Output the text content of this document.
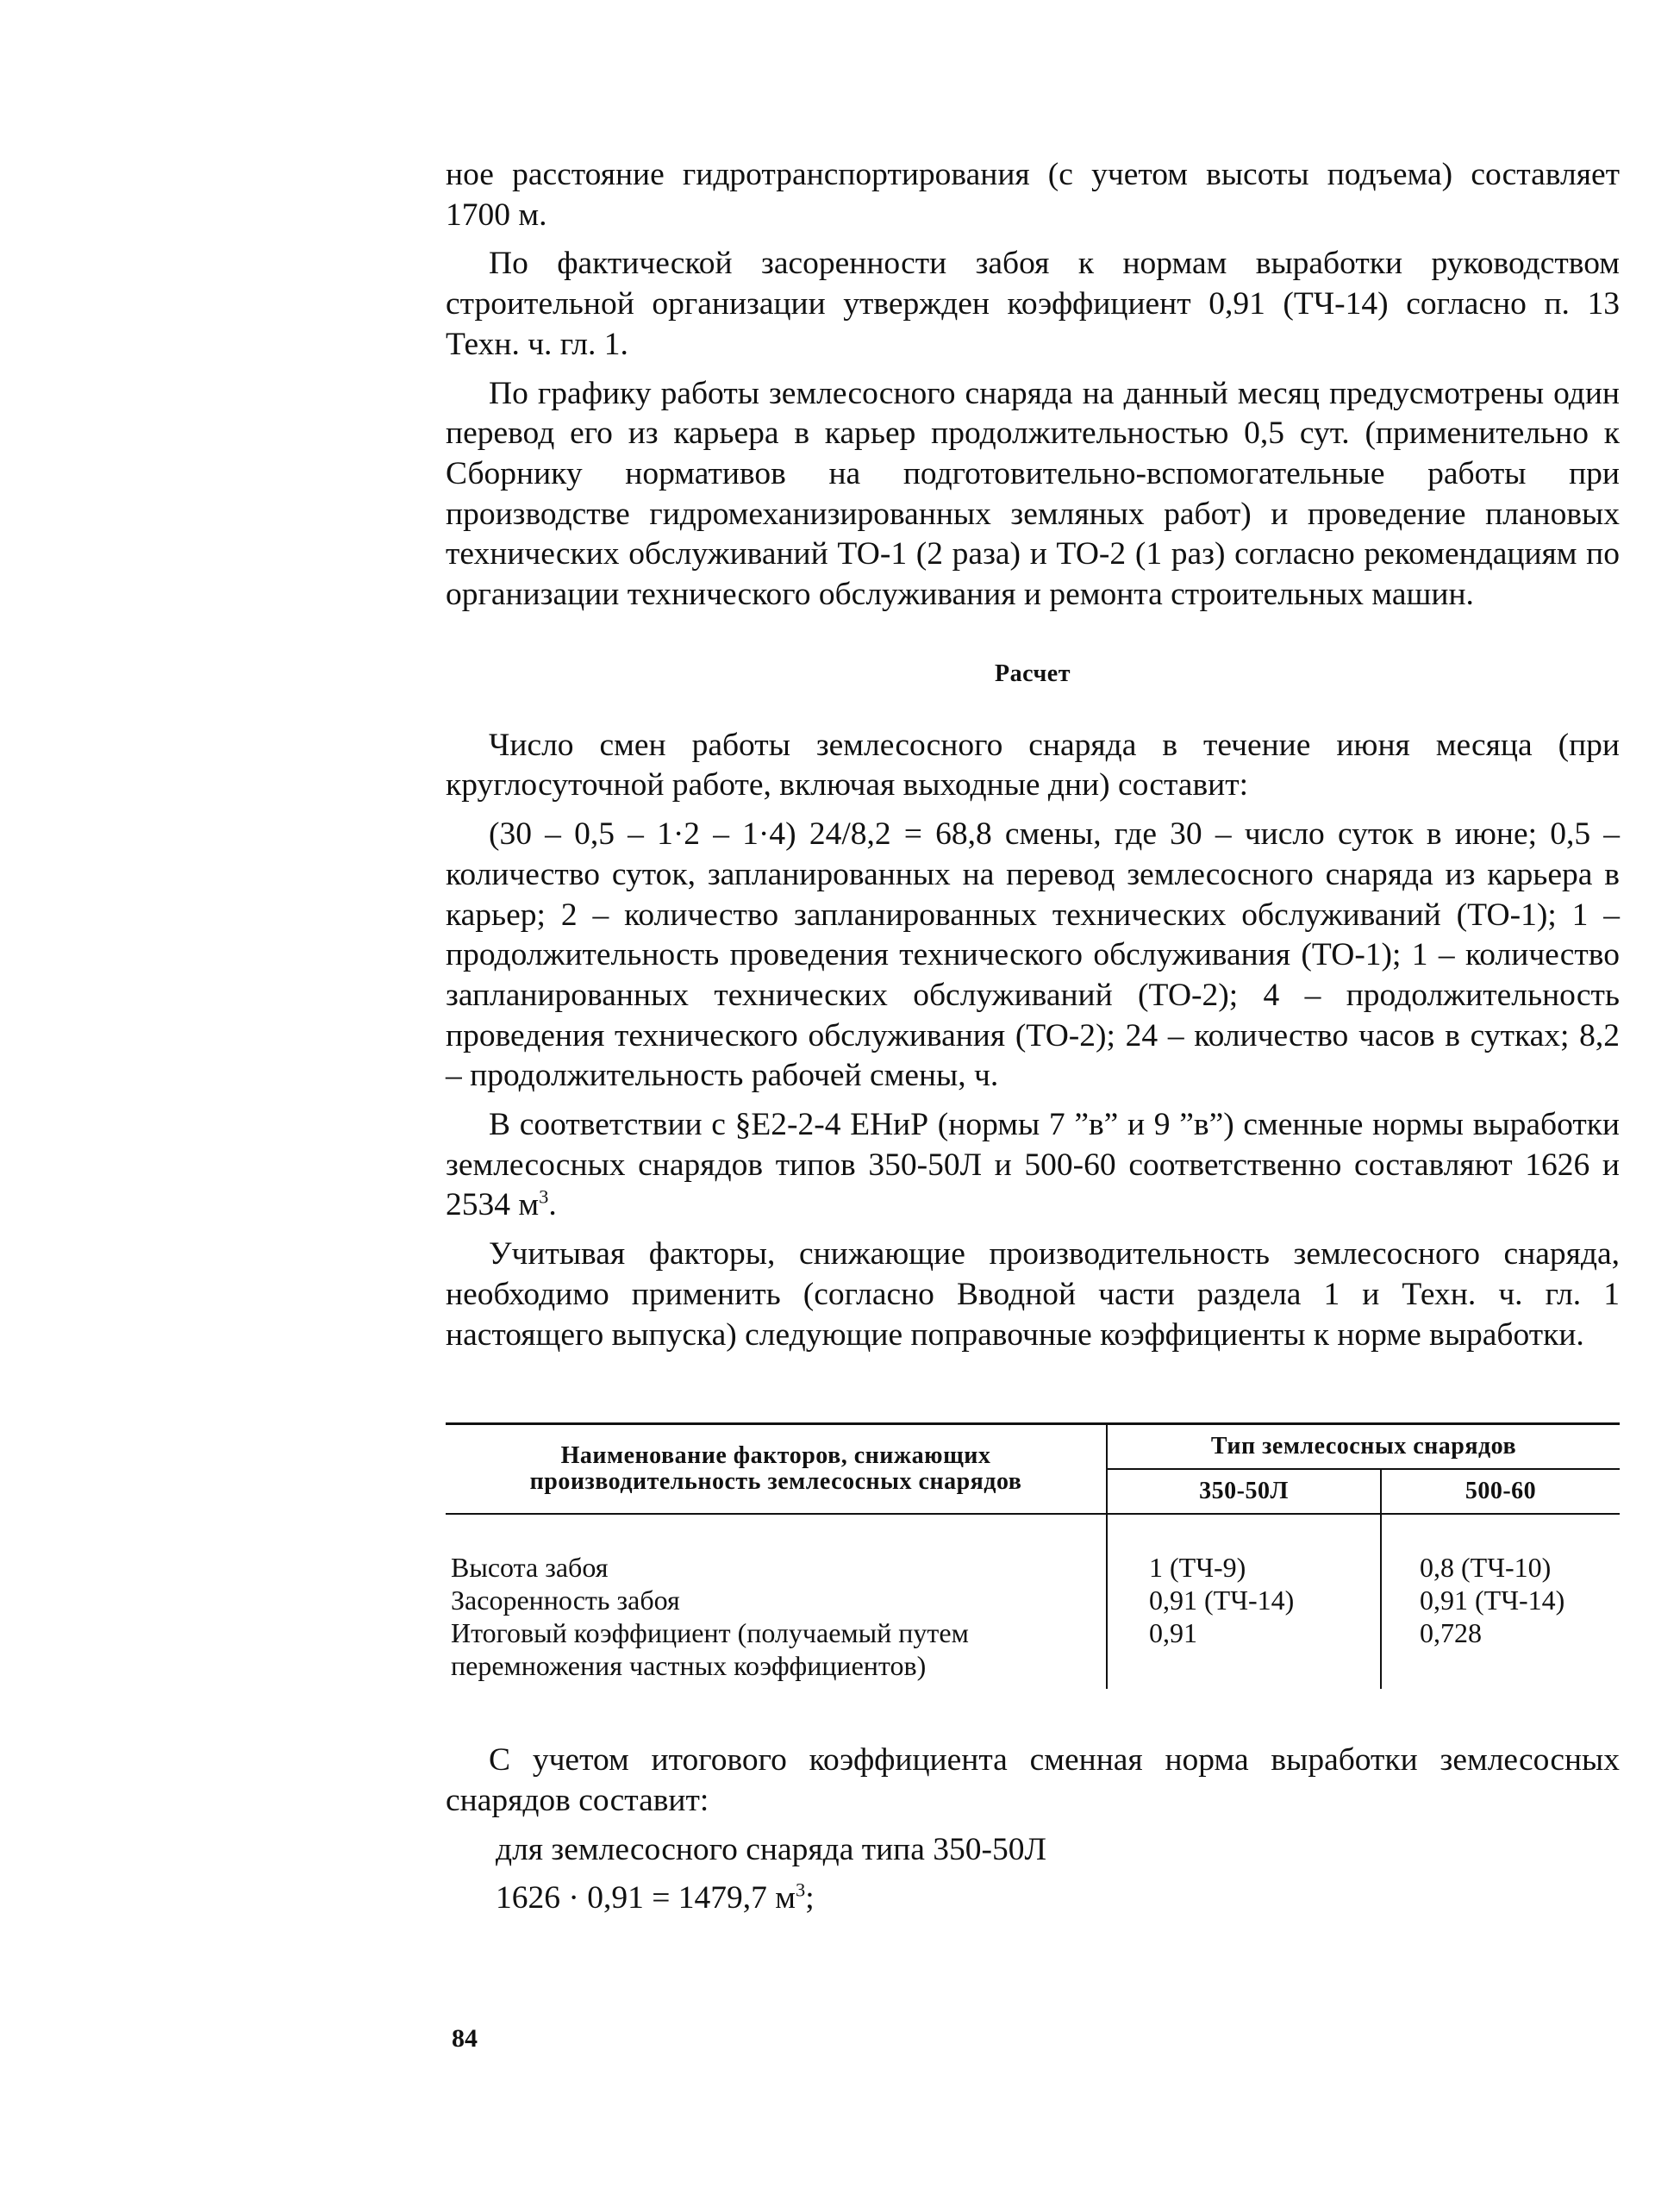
ное расстояние гидротранспортирования (с учетом высоты подъема) составляет 1700 м.

По фактической засоренности забоя к нормам выработки руководством строительной организации утвержден коэффициент 0,91 (ТЧ-14) согласно п. 13 Техн. ч. гл. 1.

По графику работы землесосного снаряда на данный месяц предусмотрены один перевод его из карьера в карьер продолжительностью 0,5 сут. (применительно к Сборнику нормативов на подготовительно-вспомогательные работы при производстве гидромеханизированных земляных работ) и проведение плановых технических обслуживаний ТО-1 (2 раза) и ТО-2 (1 раз) согласно рекомендациям по организации технического обслуживания и ремонта строительных машин.

Расчет

Число смен работы землесосного снаряда в течение июня месяца (при круглосуточной работе, включая выходные дни) составит:

(30 – 0,5 – 1·2 – 1·4) 24/8,2 = 68,8 смены, где 30 – число суток в июне; 0,5 – количество суток, запланированных на перевод землесосного снаряда из карьера в карьер; 2 – количество запланированных технических обслуживаний (ТО-1); 1 – продолжительность проведения технического обслуживания (ТО-1); 1 – количество запланированных технических обслуживаний (ТО-2); 4 – продолжительность проведения технического обслуживания (ТО-2); 24 – количество часов в сутках; 8,2 – продолжительность рабочей смены, ч.

В соответствии с §Е2-2-4 ЕНиР (нормы 7 ”в” и 9 ”в”) сменные нормы выработки землесосных снарядов типов 350-50Л и 500-60 соответственно составляют 1626 и 2534 $м^3$.

Учитывая факторы, снижающие производительность землесосного снаряда, необходимо применить (согласно Вводной части раздела 1 и Техн. ч. гл. 1 настоящего выпуска) следующие поправочные коэффициенты к норме выработки.

Наименование факторов, снижающих производительность землесосных снарядов	Тип землесосных снарядов	
	350-50Л	500-60

Высота забоя	1 (ТЧ-9)	0,8 (ТЧ-10)
Засоренность забоя	0,91 (ТЧ-14)	0,91 (ТЧ-14)
Итоговый коэффициент (получаемый путем перемножения частных коэффициентов)	0,91	0,728

С учетом итогового коэффициента сменная норма выработки землесосных снарядов составит:

для землесосного снаряда типа 350-50Л

1626 · 0,91 = 1479,7 $м^3$;

84
